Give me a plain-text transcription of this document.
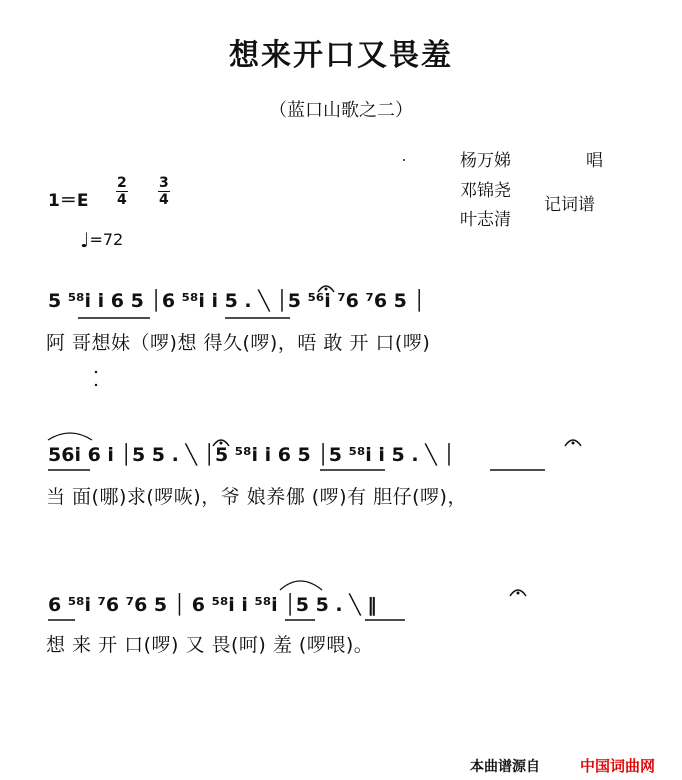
想来开口又畏羞
（蓝口山歌之二）
杨万娣	唱
邓锦尧
叶志清
记词谱
$1=E \frac{2}{4} \frac{3}{4}$
♩=72
5 ⁵⁸i i 6 5 │6 ⁵⁸i i 5 . ╲ │5 ⁵⁶i ⁷6 ⁷6 5 │
阿 哥想妹（啰)想 得久(啰)，唔 敢 开 口(啰)
56i 6 i │5 5 . ╲ │5 ⁵⁸i i 6 5 │5 ⁵⁸i i 5 . ╲ │
当 面(哪)求(啰咴)，爷 娘养㑚 (啰)有 胆仔(啰)，
6 ⁵⁸i ⁷6 ⁷6 5 │ 6 ⁵⁸i i ⁵⁸i │5 5 . ╲ ‖
想 来 开 口(啰) 又 畏(呵) 羞 (啰喂)。
本曲谱源自	中国词曲网
